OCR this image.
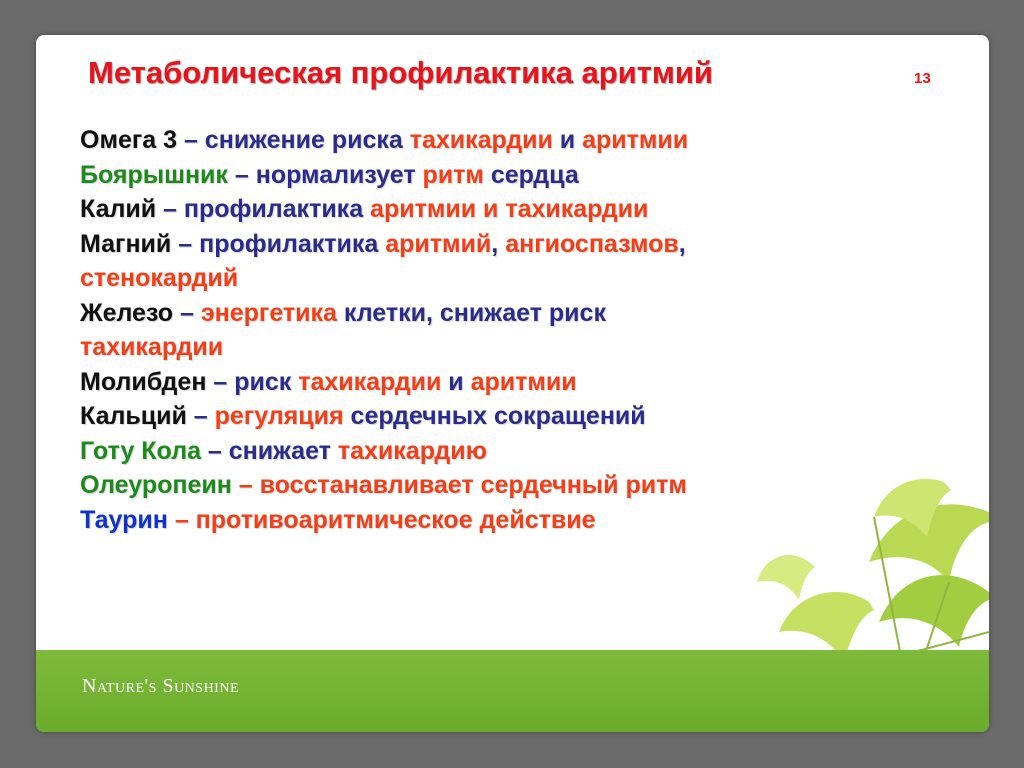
Метаболическая профилактика аритмий	13
Омега 3 – снижение риска тахикардии и аритмии
Боярышник – нормализует ритм сердца
Калий – профилактика аритмии и тахикардии
Магний – профилактика аритмий, ангиоспазмов,
стенокардий
Железо – энергетика клетки, снижает риск
тахикардии
Молибден – риск тахикардии и аритмии
Кальций – регуляция сердечных сокращений
Готу Кола – снижает тахикардию
Олеуропеин – восстанавливает сердечный ритм
Таурин – противоаритмическое действие
Nature's Sunshine
